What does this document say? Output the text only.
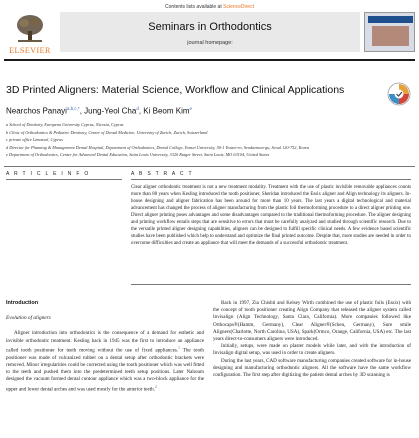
Contents lists available at ScienceDirect
ELSEVIER
Seminars in Orthodontics
journal homepage:
3D Printed Aligners: Material Science, Workflow and Clinical Applications
Nearchos Panayi$^{a,b,c,*}$, Jung-Yeol Cha$^d$, Ki Beom Kim$^e$
a School of Dentistry, European University Cyprus, Nicosia, Cyprus
b Clinic of Orthodontics & Pediatric Dentistry, Center of Dental Medicine, University of Zurich, Zurich, Switzerland
c private office Limassol, Cyprus
d Director for Planning & Management Dental Hospital, Department of Orthodontics, Dental College, Yonsei University, 50-1 Yonsei-ro, Seodaemun-gu, Seoul 120-752, Korea
e Department of Orthodontics, Center for Advanced Dental Education, Saint Louis University, 3320 Rutger Street, Saint Louis, MO 63104, United States
A R T I C L E I N F O	A B S T R A C T
Clear aligner orthodontic treatment is not a new treatment modality. Treatment with the use of plastic invisible removable appliances counts more than 80 years when Kesling introduced the tooth positioner, Sheridan introduced the Essix aligner and Align technology its aligners. In-house designing and aligner fabrication has been around for more than 10 years. The last years a digital technological and material advancement has changed the process of aligner manufacturing from the plastic foil thermoforming procedure to a direct aligner printing one. Direct aligner printing poses advantages and some disadvantages compared to the traditional thermoforming procedure. The aligner designing and printing workflow entails steps that are sensitive to errors that must be carefully analyzed and studied through scientific research. Due to the versatile printed aligner designing capabilities, aligners can be designed to fulfill specific clinical needs. A few evidence based scientific studies have been published which help to understand and optimize the final printed outcome. Despite that, more studies are needed in order to overcome difficulties and create an appliance that will meet the demands of a successful orthodontic treatment.
Introduction
Evolution of aligners
Aligner introduction into orthodontics is the consequence of a demand for esthetic and invisible orthodontic treatment. Kesling back in 1945 was the first to introduce an appliance called tooth positioner for teeth moving without the use of fixed appliances.$^1$ The tooth positioner was made of vulcanized rubber on a dental setup after orthodontic brackets were removed. Minor irregularities could be corrected using the tooth positioner which was well fitted to the teeth and pushed them into the predetermined teeth setup positions. Later Nahoum designed the vacuum formed dental contour appliance which was a two-block appliance for the upper and lower dental arches and was used mostly for the anterior teeth.$^2$
Back in 1997, Zia Chishti and Kelsey Wirth combined the use of plastic foils (Essix) with the concept of tooth positioner creating Align Company that released the aligner system called Invisalign (Align Technology, Santa Clara, California). More companies followed like Orthocaps®(Hamm, Germany), Clear Aligner®(Scheu, Germany), Sure smile Aligners(Charlotte, North Carolina, USA), Spark(Ormco, Orange, California, USA) etc. The last years direct-to-consumers aligners were introduced.
Initially, setups, were made on plaster models while later, and with the introduction of Invisalign digital setup, was used in order to create aligners.
During the last years, CAD software manufacturing companies created software for in-house designing and manufacturing orthodontic aligners. All the software have the same workflow configuration. The first step after digitizing the patient dental arches by 3D scanning is
